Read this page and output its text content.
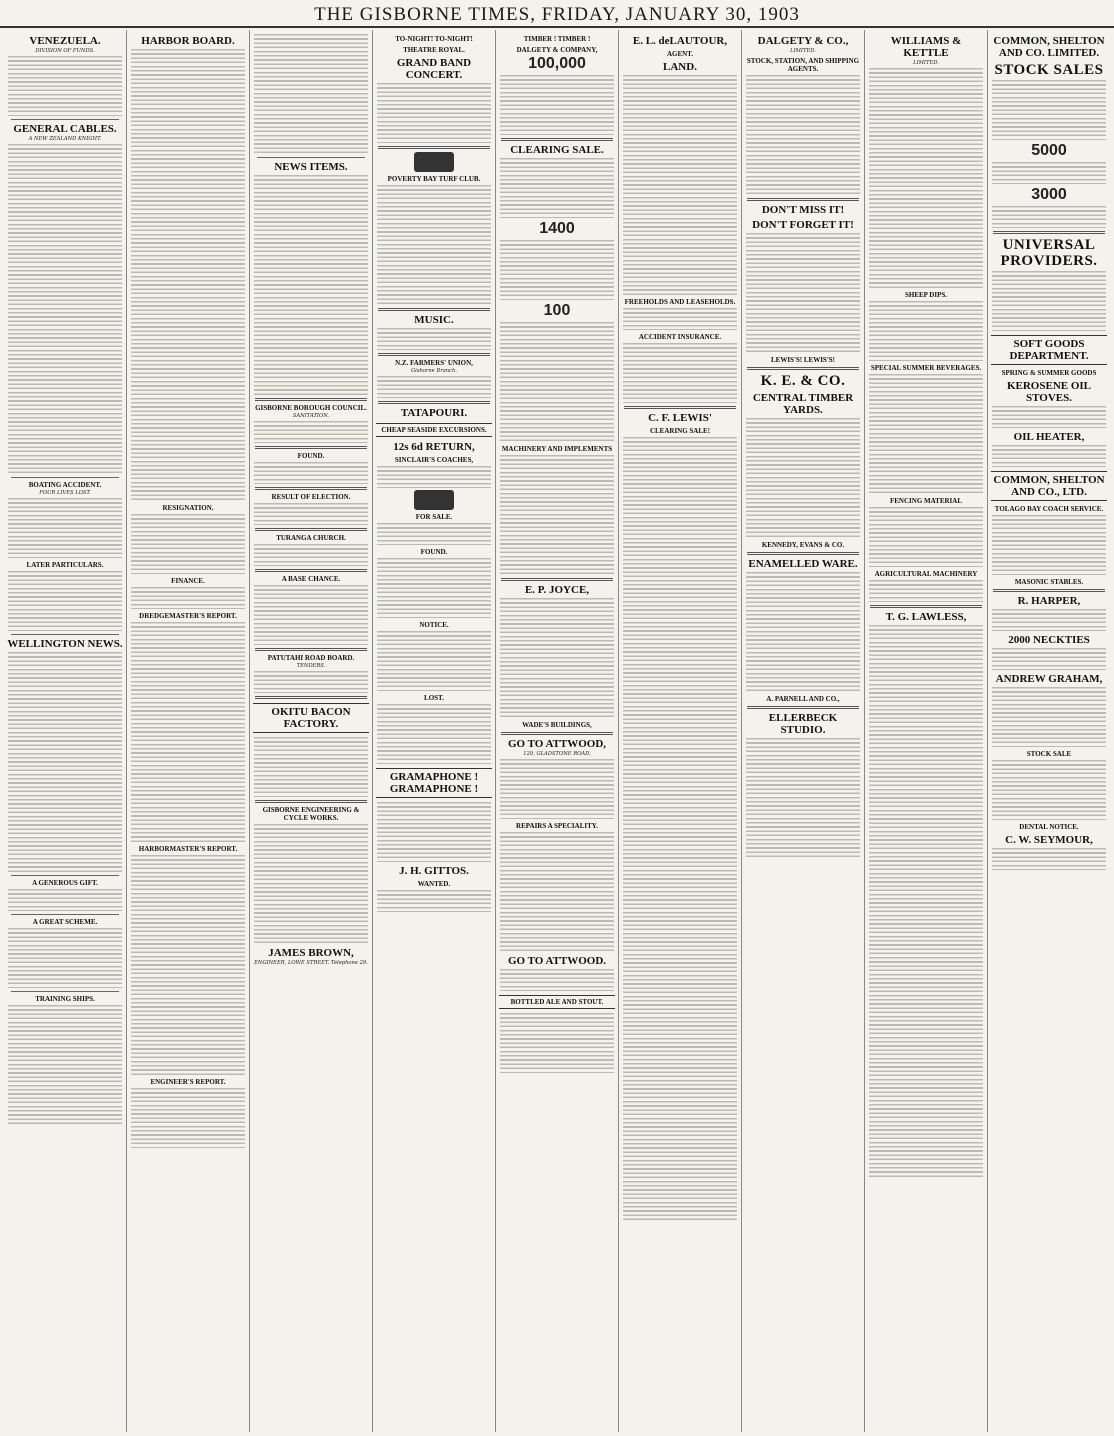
THE GISBORNE TIMES, FRIDAY, JANUARY 30, 1903
VENEZUELA.
DIVISION OF FUNDS.
GENERAL CABLES.
A NEW ZEALAND KNIGHT.
BOATING ACCIDENT.
FOUR LIVES LOST.
LATER PARTICULARS.
WELLINGTON NEWS.
A GENEROUS GIFT.
A GREAT SCHEME.
TRAINING SHIPS.
HARBOR BOARD.
RESIGNATION.
FINANCE.
DREDGEMASTER'S REPORT.
HARBORMASTER'S REPORT.
ENGINEER'S REPORT.
NEWS ITEMS.
GISBORNE BOROUGH COUNCIL.
SANITATION.
FOUND.
RESULT OF ELECTION.
TURANGA CHURCH.
A BASE CHANCE.
PATUTAHI ROAD BOARD.
TENDERS.
OKITU BACON FACTORY.
GISBORNE ENGINEERING & CYCLE WORKS.
JAMES BROWN,
ENGINEER, LOWE STREET. Telephone 29.
TO-NIGHT! TO-NIGHT!
THEATRE ROYAL.
GRAND BAND CONCERT.
POVERTY BAY TURF CLUB.
MUSIC.
N.Z. FARMERS' UNION,
Gisborne Branch.
TATAPOURI.
CHEAP SEASIDE EXCURSIONS.
12s 6d RETURN,
SINCLAIR'S COACHES,
FOR SALE.
FOUND.
NOTICE.
LOST.
GRAMAPHONE ! GRAMAPHONE !
J. H. GITTOS.
WANTED.
TIMBER ! TIMBER !
DALGETY & COMPANY,
100,000
CLEARING SALE.
1400
100
MACHINERY AND IMPLEMENTS
E. P. JOYCE,
WADE'S BUILDINGS,
GO TO ATTWOOD,
129, GLADSTONE ROAD,
REPAIRS A SPECIALITY.
GO TO ATTWOOD.
BOTTLED ALE AND STOUT.
E. L. deLAUTOUR,
AGENT.
LAND.
FREEHOLDS AND LEASEHOLDS.
ACCIDENT INSURANCE.
C. F. LEWIS'
CLEARING SALE!
DALGETY & CO.,
LIMITED.
STOCK, STATION, AND SHIPPING AGENTS.
DON'T MISS IT!
DON'T FORGET IT!
LEWIS'S! LEWIS'S!
K. E. & CO.
CENTRAL TIMBER YARDS.
KENNEDY, EVANS & CO.
ENAMELLED WARE.
A. PARNELL AND CO.,
ELLERBECK STUDIO.
WILLIAMS & KETTLE
LIMITED.
SHEEP DIPS.
SPECIAL SUMMER BEVERAGES.
FENCING MATERIAL
AGRICULTURAL MACHINERY
T. G. LAWLESS,
COMMON, SHELTON AND CO. LIMITED.
STOCK SALES
5000
3000
UNIVERSAL PROVIDERS.
SOFT GOODS DEPARTMENT.
SPRING & SUMMER GOODS
KEROSENE OIL STOVES.
OIL HEATER,
COMMON, SHELTON AND CO., LTD.
TOLAGO BAY COACH SERVICE.
MASONIC STABLES.
R. HARPER,
2000 NECKTIES
ANDREW GRAHAM,
STOCK SALE
DENTAL NOTICE.
C. W. SEYMOUR,
